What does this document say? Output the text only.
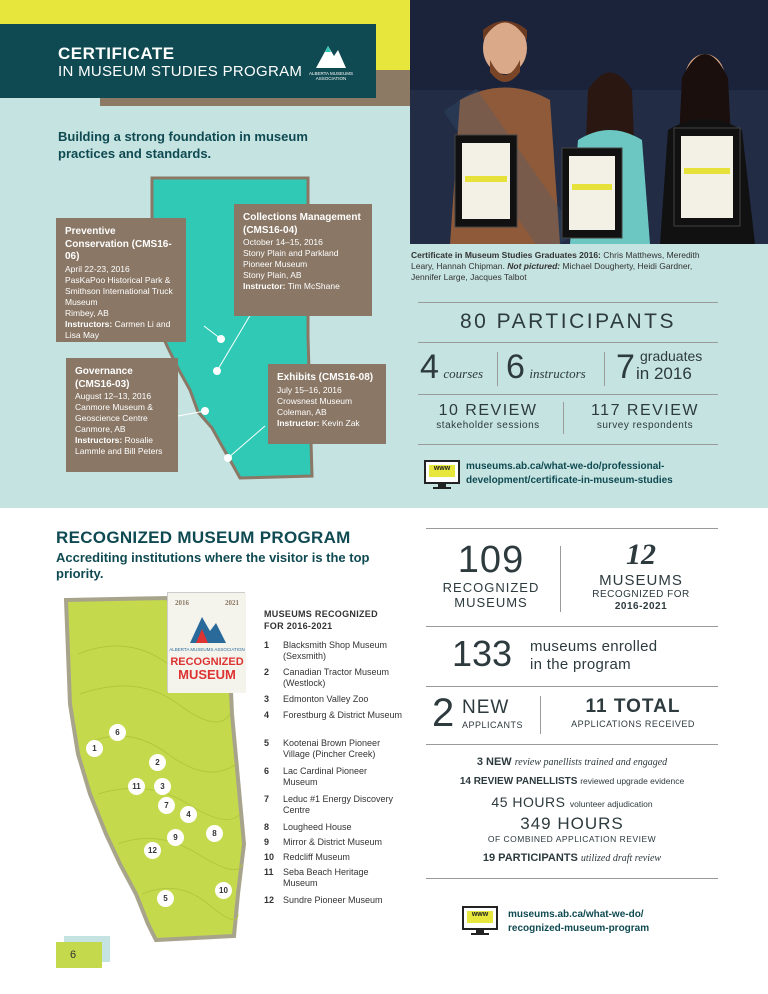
CERTIFICATE
IN MUSEUM STUDIES PROGRAM	ALBERTA MUSEUMS
ASSOCIATION
Building a strong foundation in museum practices and standards.
Certificate in Museum Studies Graduates 2016: Chris Matthews, Meredith Leary, Hannah Chipman. Not pictured: Michael Dougherty, Heidi Gardner, Jennifer Large, Jacques Talbot
Preventive Conservation (CMS16-06)
April 22-23, 2016
PasKaPoo Historical Park & Smithson International Truck Museum
Rimbey, AB
Instructors: Carmen Li and Lisa May
Collections Management (CMS16-04)
October 14–15, 2016
Stony Plain and Parkland Pioneer Museum
Stony Plain, AB
Instructor: Tim McShane
Governance (CMS16-03)
August 12–13, 2016
Canmore Museum & Geoscience Centre
Canmore, AB
Instructors: Rosalie Lammle and Bill Peters
Exhibits (CMS16-08)
July 15–16, 2016
Crowsnest Museum
Coleman, AB
Instructor: Kevin Zak
80 PARTICIPANTS
4 courses 6 instructors 7 graduates
in 2016
10 REVIEW
stakeholder sessions
117 REVIEW
survey respondents
www	museums.ab.ca/what-we-do/professional-
development/certificate-in-museum-studies
RECOGNIZED MUSEUM PROGRAM
Accrediting institutions where the visitor is the top priority.
2016	2021
ALBERTA MUSEUMS ASSOCIATION
RECOGNIZED
MUSEUM
1
2
3
4
5
6
7
8
9
10
11
12
MUSEUMS RECOGNIZED
FOR 2016-2021
1 Blacksmith Shop Museum (Sexsmith)
2 Canadian Tractor Museum (Westlock)
3 Edmonton Valley Zoo
4 Forestburg & District Museum
5 Kootenai Brown Pioneer Village (Pincher Creek)
6 Lac Cardinal Pioneer Museum
7 Leduc #1 Energy Discovery Centre
8 Lougheed House
9 Mirror & District Museum
10 Redcliff Museum
11 Seba Beach Heritage Museum
12 Sundre Pioneer Museum
109
RECOGNIZED
MUSEUMS
12
MUSEUMS
RECOGNIZED FOR
2016-2021
133 museums enrolled
in the program
2 NEW
APPLICANTS
11 TOTAL
APPLICATIONS RECEIVED
3 NEW review panellists trained and engaged
14 REVIEW PANELLISTS reviewed upgrade evidence
45 HOURS volunteer adjudication
349 HOURS
OF COMBINED APPLICATION REVIEW
19 PARTICIPANTS utilized draft review
www	museums.ab.ca/what-we-do/
recognized-museum-program
6
